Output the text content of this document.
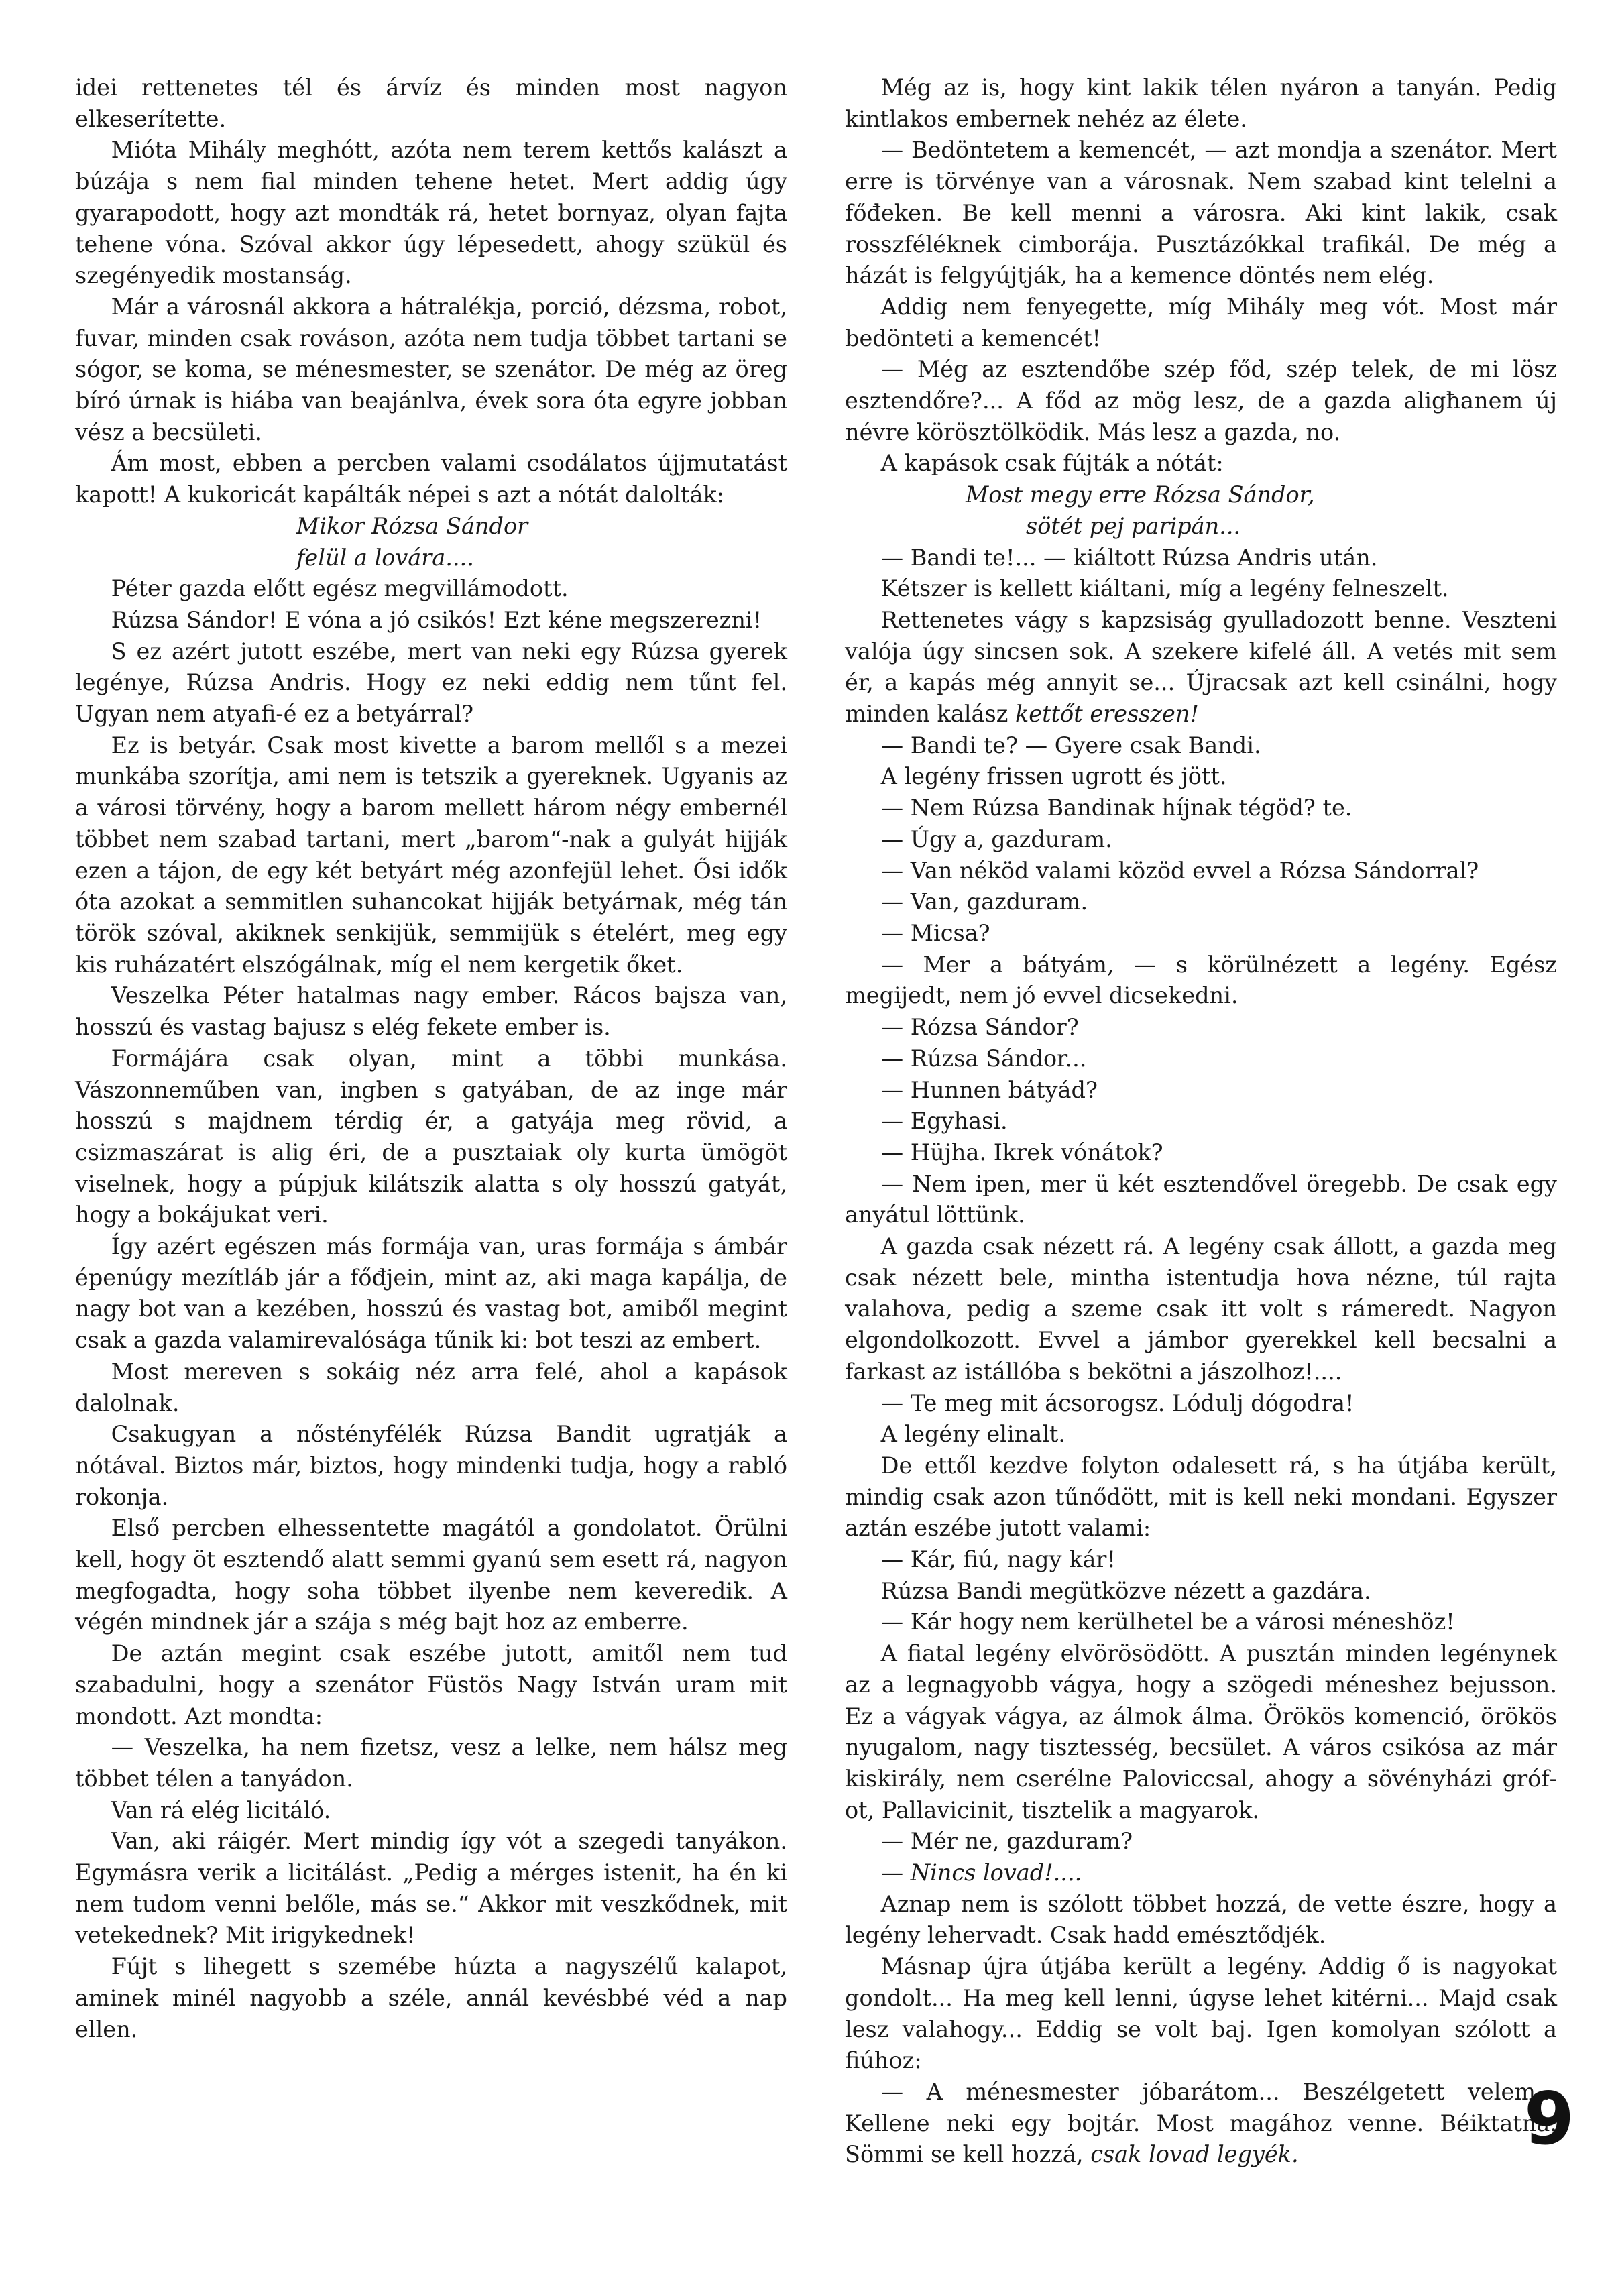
idei rettenetes tél és árvíz és minden most nagyon elkeserítette.

Mióta Mihály meghótt, azóta nem terem kettős kalászt a búzája s nem fial minden tehene hetet. Mert addig úgy gyarapodott, hogy azt mondták rá, hetet bornyaz, olyan fajta tehene vóna. Szóval akkor úgy lépesedett, ahogy szükül és szegényedik mostanság.

Már a városnál akkora a hátralékja, porció, dézsma, robot, fuvar, minden csak rováson, azóta nem tudja többet tartani se sógor, se koma, se ménesmester, se szenátor. De még az öreg bíró úrnak is hiába van beajánlva, évek sora óta egyre jobban vész a becsületi.

Ám most, ebben a percben valami csodálatos újjmutatást kapott! A kukoricát kapálták népei s azt a nótát dalolták:

Mikor Rózsa Sándor

felül a lovára....

Péter gazda előtt egész megvillámodott.

Rúzsa Sándor! E vóna a jó csikós! Ezt kéne megszerezni!

S ez azért jutott eszébe, mert van neki egy Rúzsa gyerek legénye, Rúzsa Andris. Hogy ez neki eddig nem tűnt fel. Ugyan nem atyafi-é ez a betyárral?

Ez is betyár. Csak most kivette a barom mellől s a mezei munkába szorítja, ami nem is tetszik a gyereknek. Ugyanis az a városi törvény, hogy a barom mellett három négy embernél többet nem szabad tartani, mert „barom“-nak a gulyát hijják ezen a tájon, de egy két betyárt még azonfejül lehet. Ősi idők óta azokat a semmitlen suhancokat hijják betyárnak, még tán török szóval, akiknek senkijük, semmijük s ételért, meg egy kis ruházatért elszógálnak, míg el nem kergetik őket.

Veszelka Péter hatalmas nagy ember. Rácos bajsza van, hosszú és vastag bajusz s elég fekete ember is.

Formájára csak olyan, mint a többi munkása. Vászonneműben van, ingben s gatyában, de az inge már hosszú s majdnem térdig ér, a gatyája meg rövid, a csizmaszárat is alig éri, de a pusztaiak oly kurta ümögöt viselnek, hogy a púpjuk kilátszik alatta s oly hosszú gatyát, hogy a bokájukat veri.

Így azért egészen más formája van, uras formája s ámbár épenúgy mezítláb jár a főđjein, mint az, aki maga kapálja, de nagy bot van a kezében, hosszú és vastag bot, amiből megint csak a gazda valamirevalósága tűnik ki: bot teszi az embert.

Most mereven s sokáig néz arra felé, ahol a kapások dalolnak.

Csakugyan a nőstényfélék Rúzsa Bandit ugratják a nótával. Biztos már, biztos, hogy mindenki tudja, hogy a rabló rokonja.

Első percben elhessentette magától a gondolatot. Örülni kell, hogy öt esztendő alatt semmi gyanú sem esett rá, nagyon megfogadta, hogy soha többet ilyenbe nem keveredik. A végén mindnek jár a szája s még bajt hoz az emberre.

De aztán megint csak eszébe jutott, amitől nem tud szabadulni, hogy a szenátor Füstös Nagy István uram mit mondott. Azt mondta:

— Veszelka, ha nem fizetsz, vesz a lelke, nem hálsz meg többet télen a tanyádon.

Van rá elég licitáló.

Van, aki ráigér. Mert mindig így vót a szegedi tanyákon. Egymásra verik a licitálást. „Pedig a mérges istenit, ha én ki nem tudom venni belőle, más se.“ Akkor mit veszkődnek, mit vetekednek? Mit irigykednek!

Fújt s lihegett s szemébe húzta a nagyszélű kalapot, aminek minél nagyobb a széle, annál kevésbbé véd a nap ellen.

Még az is, hogy kint lakik télen nyáron a tanyán. Pedig kintlakos embernek nehéz az élete.

— Bedöntetem a kemencét, — azt mondja a szenátor. Mert erre is törvénye van a városnak. Nem szabad kint telelni a főđeken. Be kell menni a városra. Aki kint lakik, csak rosszféléknek cimborája. Pusztázókkal trafikál. De még a házát is felgyújtják, ha a kemence döntés nem elég.

Addig nem fenyegette, míg Mihály meg vót. Most már bedönteti a kemencét!

— Még az esztendőbe szép főd, szép telek, de mi lösz esztendőre?... A főd az mög lesz, de a gazda aligħanem új névre körösztölködik. Más lesz a gazda, no.

A kapások csak fújták a nótát:

Most megy erre Rózsa Sándor,

sötét pej paripán...

— Bandi te!... — kiáltott Rúzsa Andris után.

Kétszer is kellett kiáltani, míg a legény felneszelt.

Rettenetes vágy s kapzsiság gyulladozott benne. Veszteni valója úgy sincsen sok. A szekere kifelé áll. A vetés mit sem ér, a kapás még annyit se... Újracsak azt kell csinálni, hogy minden kalász kettőt eresszen!

— Bandi te? — Gyere csak Bandi.

A legény frissen ugrott és jött.

— Nem Rúzsa Bandinak híjnak tégöd? te.

— Úgy a, gazduram.

— Van néköd valami közöd evvel a Rózsa Sándorral?

— Van, gazduram.

— Micsa?

— Mer a bátyám, — s körülnézett a legény. Egész megijedt, nem jó evvel dicsekedni.

— Rózsa Sándor?

— Rúzsa Sándor...

— Hunnen bátyád?

— Egyhasi.

— Hüjha. Ikrek vónátok?

— Nem ipen, mer ü két esztendővel öregebb. De csak egy anyátul löttünk.

A gazda csak nézett rá. A legény csak állott, a gazda meg csak nézett bele, mintha istentudja hova nézne, túl rajta valahova, pedig a szeme csak itt volt s rámeredt. Nagyon elgondolkozott. Evvel a jámbor gyerekkel kell becsalni a farkast az istállóba s bekötni a jászolhoz!....

— Te meg mit ácsorogsz. Lódulj dógodra!

A legény elinalt.

De ettől kezdve folyton odalesett rá, s ha útjába került, mindig csak azon tűnődött, mit is kell neki mondani. Egyszer aztán eszébe jutott valami:

— Kár, fiú, nagy kár!

Rúzsa Bandi megütközve nézett a gazdára.

— Kár hogy nem kerülhetel be a városi méneshöz!

A fiatal legény elvörösödött. A pusztán minden legénynek az a legnagyobb vágya, hogy a szögedi méneshez bejusson. Ez a vágyak vágya, az álmok álma. Örökös komenció, örökös nyugalom, nagy tisztesség, becsület. A város csikósa az már kiskirály, nem cserélne Paloviccsal, ahogy a sövényházi grófot, Pallavicinit, tisztelik a magyarok.

— Mér ne, gazduram?

— Nincs lovad!....

Aznap nem is szólott többet hozzá, de vette észre, hogy a legény lehervadt. Csak hadd emésztődjék.

Másnap újra útjába került a legény. Addig ő is nagyokat gondolt... Ha meg kell lenni, úgyse lehet kitérni... Majd csak lesz valahogy... Eddig se volt baj. Igen komolyan szólott a fiúhoz:

— A ménesmester jóbarátom... Beszélgetett velem... Kellene neki egy bojtár. Most magához venne. Béiktatna. Sömmi se kell hozzá, csak lovad legyék.	9
